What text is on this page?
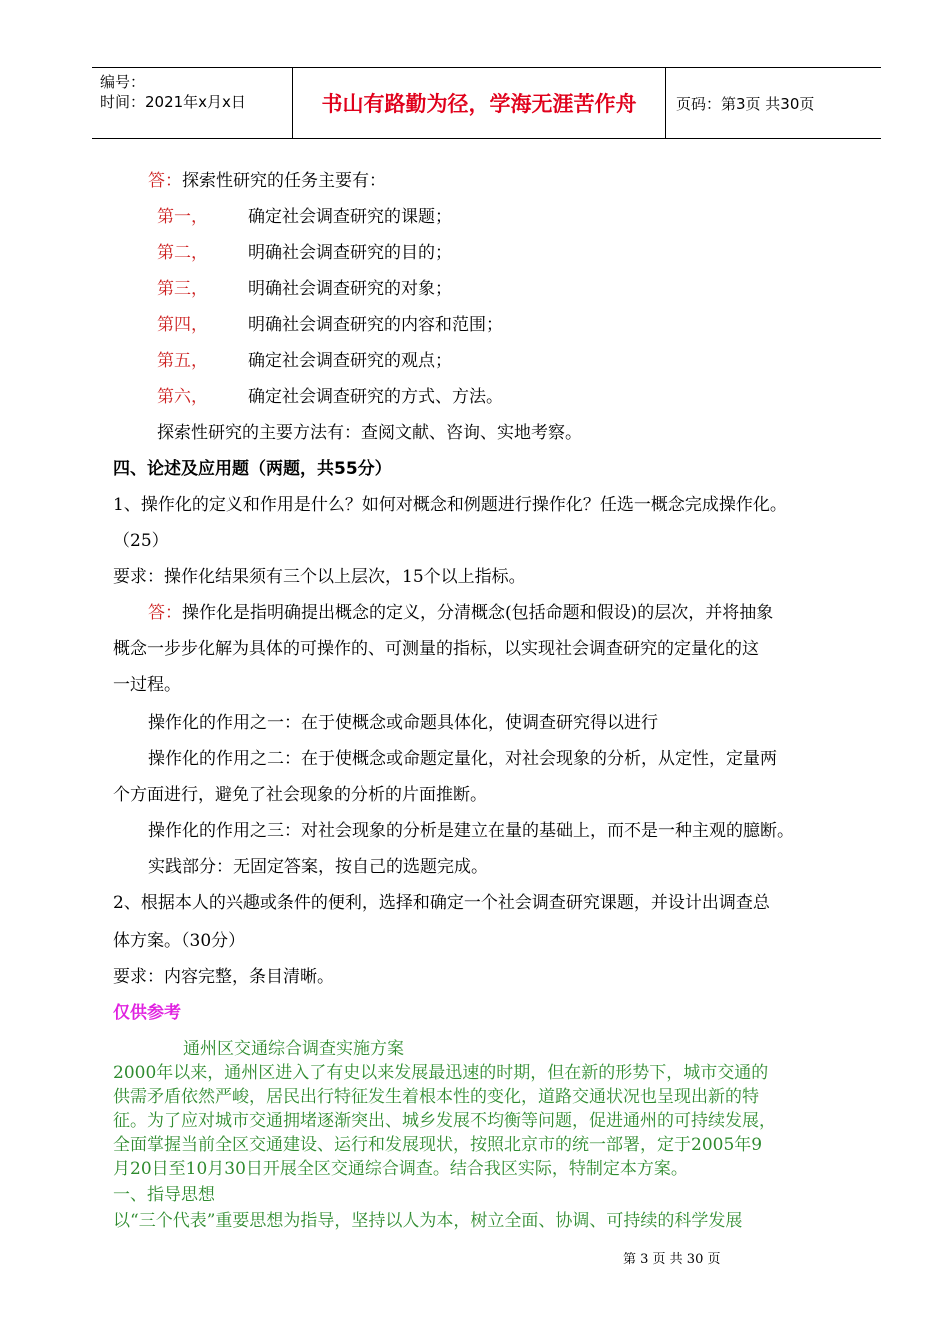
编号：
时间：2021年x月x日	书山有路勤为径，学海无涯苦作舟	页码：第3页 共30页
答：探索性研究的任务主要有：
第一， 确定社会调查研究的课题；
第二， 明确社会调查研究的目的；
第三， 明确社会调查研究的对象；
第四， 明确社会调查研究的内容和范围；
第五， 确定社会调查研究的观点；
第六， 确定社会调查研究的方式、方法。
探索性研究的主要方法有：查阅文献、咨询、实地考察。
四、论述及应用题（两题，共55分）
1、操作化的定义和作用是什么？如何对概念和例题进行操作化？任选一概念完成操作化。
（25）
要求：操作化结果须有三个以上层次，15个以上指标。
答：操作化是指明确提出概念的定义，分清概念(包括命题和假设)的层次，并将抽象
概念一步步化解为具体的可操作的、可测量的指标，以实现社会调查研究的定量化的这
一过程。
操作化的作用之一：在于使概念或命题具体化，使调查研究得以进行
操作化的作用之二：在于使概念或命题定量化，对社会现象的分析，从定性，定量两
个方面进行，避免了社会现象的分析的片面推断。
操作化的作用之三：对社会现象的分析是建立在量的基础上，而不是一种主观的臆断。
实践部分：无固定答案，按自己的选题完成。
2、根据本人的兴趣或条件的便利，选择和确定一个社会调查研究课题，并设计出调查总
体方案。（30分）
要求：内容完整，条目清晰。
仅供参考
通州区交通综合调查实施方案
2000年以来，通州区进入了有史以来发展最迅速的时期，但在新的形势下，城市交通的
供需矛盾依然严峻，居民出行特征发生着根本性的变化，道路交通状况也呈现出新的特
征。为了应对城市交通拥堵逐渐突出、城乡发展不均衡等问题，促进通州的可持续发展，
全面掌握当前全区交通建设、运行和发展现状，按照北京市的统一部署，定于2005年9
月20日至10月30日开展全区交通综合调查。结合我区实际，特制定本方案。
一、指导思想
以“三个代表”重要思想为指导，坚持以人为本，树立全面、协调、可持续的科学发展
第 3 页 共 30 页
